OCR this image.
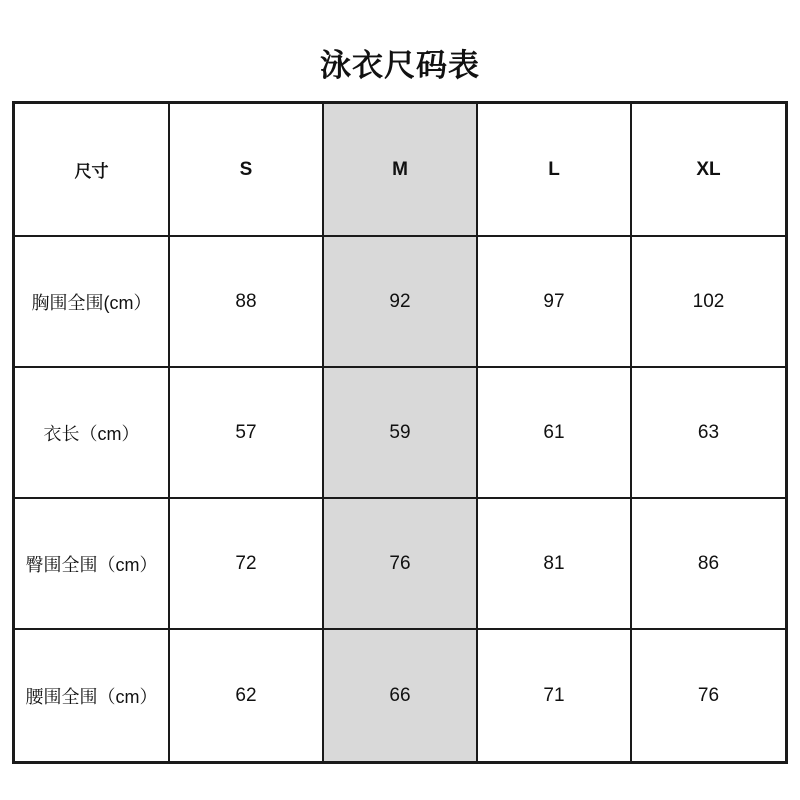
泳衣尺码表
尺寸	S	M	L	XL
胸围全围(cm）	88	92	97	102
衣长（cm）	57	59	61	63
臀围全围（cm）	72	76	81	86
腰围全围（cm）	62	66	71	76
